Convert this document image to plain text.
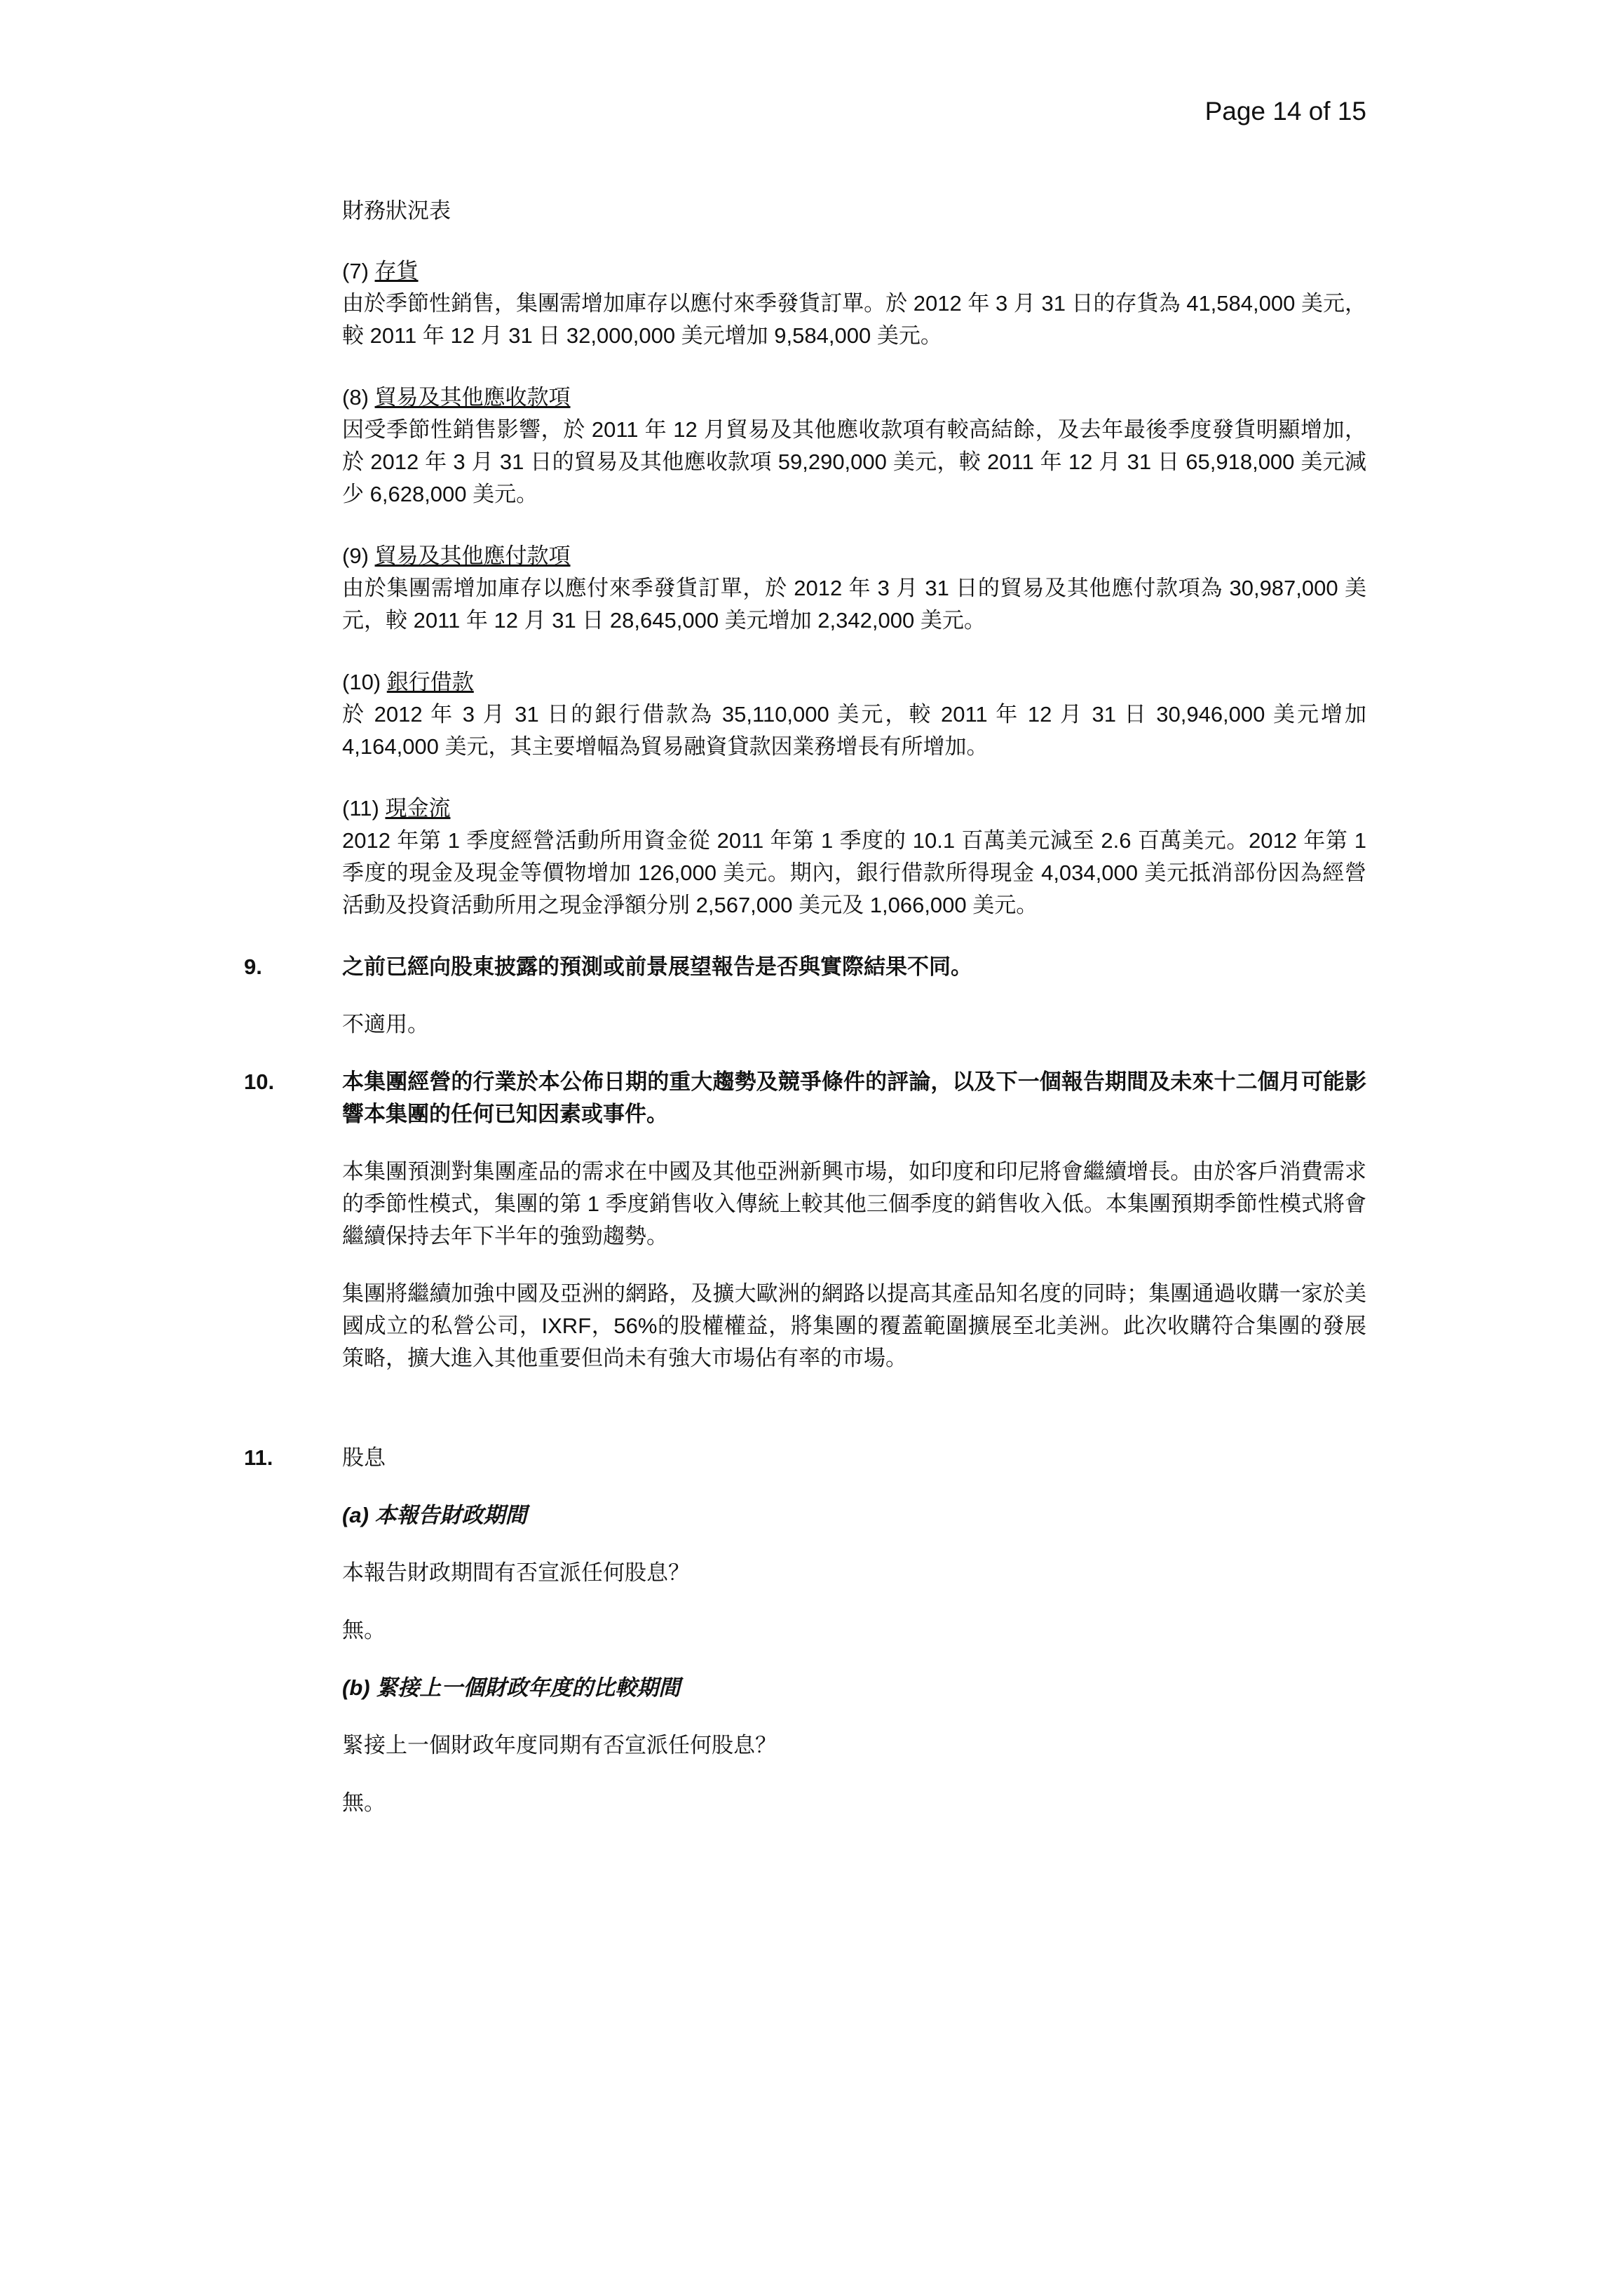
Page 14 of 15
財務狀況表
(7) 存貨

由於季節性銷售，集團需增加庫存以應付來季發貨訂單。於 2012 年 3 月 31 日的存貨為 41,584,000 美元，較 2011 年 12 月 31 日 32,000,000 美元增加 9,584,000 美元。

(8) 貿易及其他應收款項

因受季節性銷售影響，於 2011 年 12 月貿易及其他應收款項有較高結餘，及去年最後季度發貨明顯增加，於 2012 年 3 月 31 日的貿易及其他應收款項 59,290,000 美元，較 2011 年 12 月 31 日 65,918,000 美元減少 6,628,000 美元。

(9) 貿易及其他應付款項

由於集團需增加庫存以應付來季發貨訂單，於 2012 年 3 月 31 日的貿易及其他應付款項為 30,987,000 美元，較 2011 年 12 月 31 日 28,645,000 美元增加 2,342,000 美元。

(10) 銀行借款

於 2012 年 3 月 31 日的銀行借款為 35,110,000 美元，較 2011 年 12 月 31 日 30,946,000 美元增加 4,164,000 美元，其主要增幅為貿易融資貸款因業務增長有所增加。

(11) 現金流

2012 年第 1 季度經營活動所用資金從 2011 年第 1 季度的 10.1 百萬美元減至 2.6 百萬美元。2012 年第 1 季度的現金及現金等價物增加 126,000 美元。期內，銀行借款所得現金 4,034,000 美元抵消部份因為經營活動及投資活動所用之現金淨額分別 2,567,000 美元及 1,066,000 美元。

9.	之前已經向股東披露的預測或前景展望報告是否與實際結果不同。

不適用。

10.	本集團經營的行業於本公佈日期的重大趨勢及競爭條件的評論，以及下一個報告期間及未來十二個月可能影響本集團的任何已知因素或事件。

本集團預測對集團產品的需求在中國及其他亞洲新興市場，如印度和印尼將會繼續增長。由於客戶消費需求的季節性模式，集團的第 1 季度銷售收入傳統上較其他三個季度的銷售收入低。本集團預期季節性模式將會繼續保持去年下半年的強勁趨勢。

集團將繼續加強中國及亞洲的網路，及擴大歐洲的網路以提高其產品知名度的同時；集團通過收購一家於美國成立的私營公司，IXRF，56%的股權權益，將集團的覆蓋範圍擴展至北美洲。此次收購符合集團的發展策略，擴大進入其他重要但尚未有強大市場佔有率的市場。

11.	股息

(a) 本報告財政期間

本報告財政期間有否宣派任何股息？

無。

(b) 緊接上一個財政年度的比較期間

緊接上一個財政年度同期有否宣派任何股息？

無。
